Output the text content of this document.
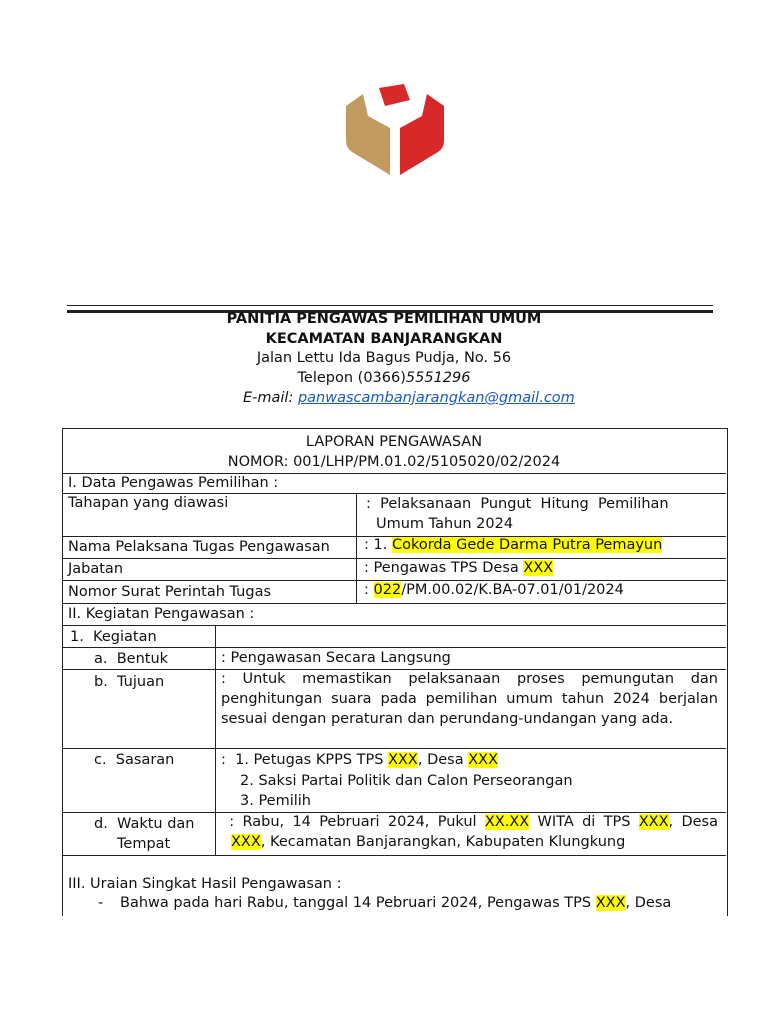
PANITIA PENGAWAS PEMILIHAN UMUM
KECAMATAN BANJARANGKAN
Jalan Lettu Ida Bagus Pudja, No. 56
Telepon (0366)5551296
E-mail: panwascambanjarangkan@gmail.com
LAPORAN PENGAWASAN
NOMOR: 001/LHP/PM.01.02/5105020/02/2024
I. Data Pengawas Pemilihan :
Tahapan yang diawasi	:  Pelaksanaan  Pungut  Hitung  Pemilihan
Umum Tahun 2024
Nama Pelaksana Tugas Pengawasan : 1. Cokorda Gede Darma Putra Pemayun
Jabatan	: Pengawas TPS Desa XXX
Nomor Surat Perintah Tugas	: 022/PM.00.02/K.BA-07.01/01/2024
II. Kegiatan Pengawasan :
1.  Kegiatan
a.  Bentuk	: Pengawasan Secara Langsung
b.  Tujuan	: Untuk memastikan pelaksanaan proses pemungutan dan penghitungan suara pada pemilihan umum tahun 2024 berjalan sesuai dengan peraturan dan perundang-undangan yang ada.
c.  Sasaran	:  1. Petugas KPPS TPS XXX, Desa XXX
2. Saksi Partai Politik dan Calon Perseorangan
3. Pemilih
d.  Waktu dan
Tempat
: Rabu, 14 Pebruari 2024, Pukul XX.XX WITA di TPS XXX, Desa
XXX, Kecamatan Banjarangkan, Kabupaten Klungkung
III. Uraian Singkat Hasil Pengawasan :
- Bahwa pada hari Rabu, tanggal 14 Pebruari 2024, Pengawas TPS XXX, Desa
